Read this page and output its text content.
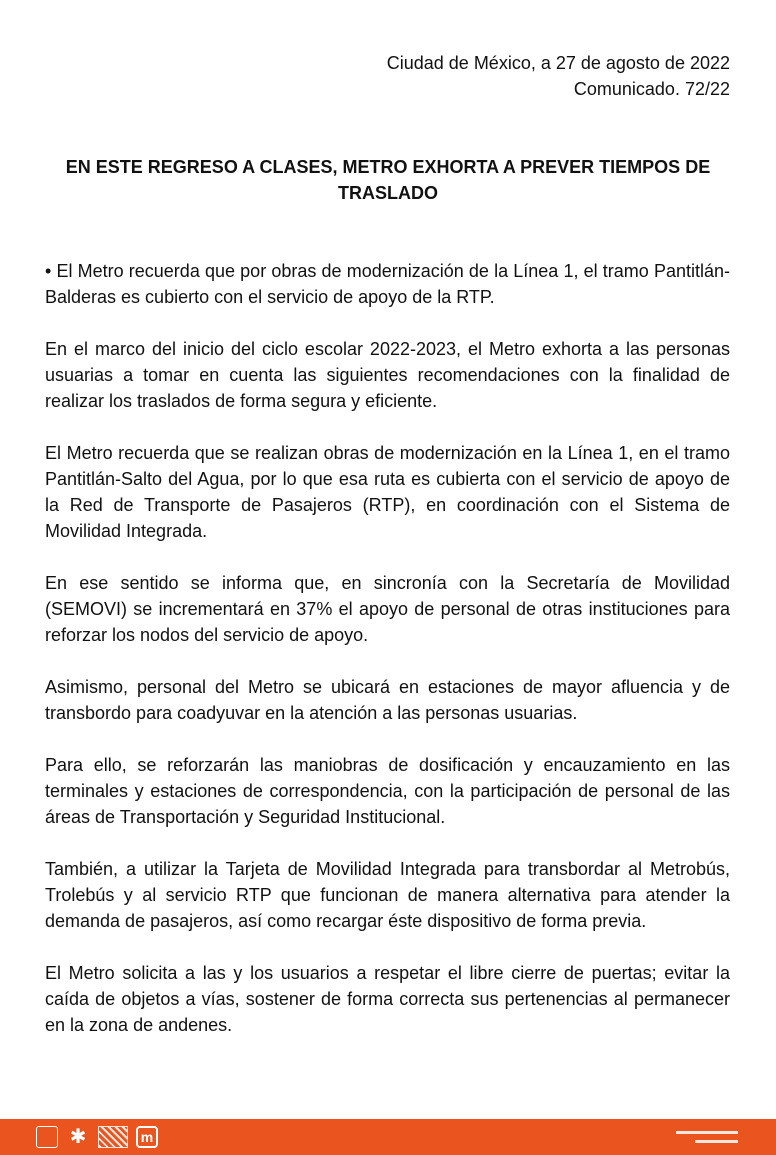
Ciudad de México, a 27 de agosto de 2022
Comunicado. 72/22
EN ESTE REGRESO A CLASES, METRO EXHORTA A PREVER TIEMPOS DE TRASLADO

• El Metro recuerda que por obras de modernización de la Línea 1, el tramo Pantitlán-Balderas es cubierto con el servicio de apoyo de la RTP.

En el marco del inicio del ciclo escolar 2022-2023, el Metro exhorta a las personas usuarias a tomar en cuenta las siguientes recomendaciones con la finalidad de realizar los traslados de forma segura y eficiente.

El Metro recuerda que se realizan obras de modernización en la Línea 1, en el tramo Pantitlán-Salto del Agua, por lo que esa ruta es cubierta con el servicio de apoyo de la Red de Transporte de Pasajeros (RTP), en coordinación con el Sistema de Movilidad Integrada.

En ese sentido se informa que, en sincronía con la Secretaría de Movilidad (SEMOVI) se incrementará en 37% el apoyo de personal de otras instituciones para reforzar los nodos del servicio de apoyo.

Asimismo, personal del Metro se ubicará en estaciones de mayor afluencia y de transbordo para coadyuvar en la atención a las personas usuarias.

Para ello, se reforzarán las maniobras de dosificación y encauzamiento en las terminales y estaciones de correspondencia, con la participación de personal de las áreas de Transportación y Seguridad Institucional.

También, a utilizar la Tarjeta de Movilidad Integrada para transbordar al Metrobús, Trolebús y al servicio RTP que funcionan de manera alternativa para atender la demanda de pasajeros, así como recargar éste dispositivo de forma previa.

El Metro solicita a las y los usuarios a respetar el libre cierre de puertas; evitar la caída de objetos a vías, sostener de forma correcta sus pertenencias al permanecer en la zona de andenes.

✱	m
